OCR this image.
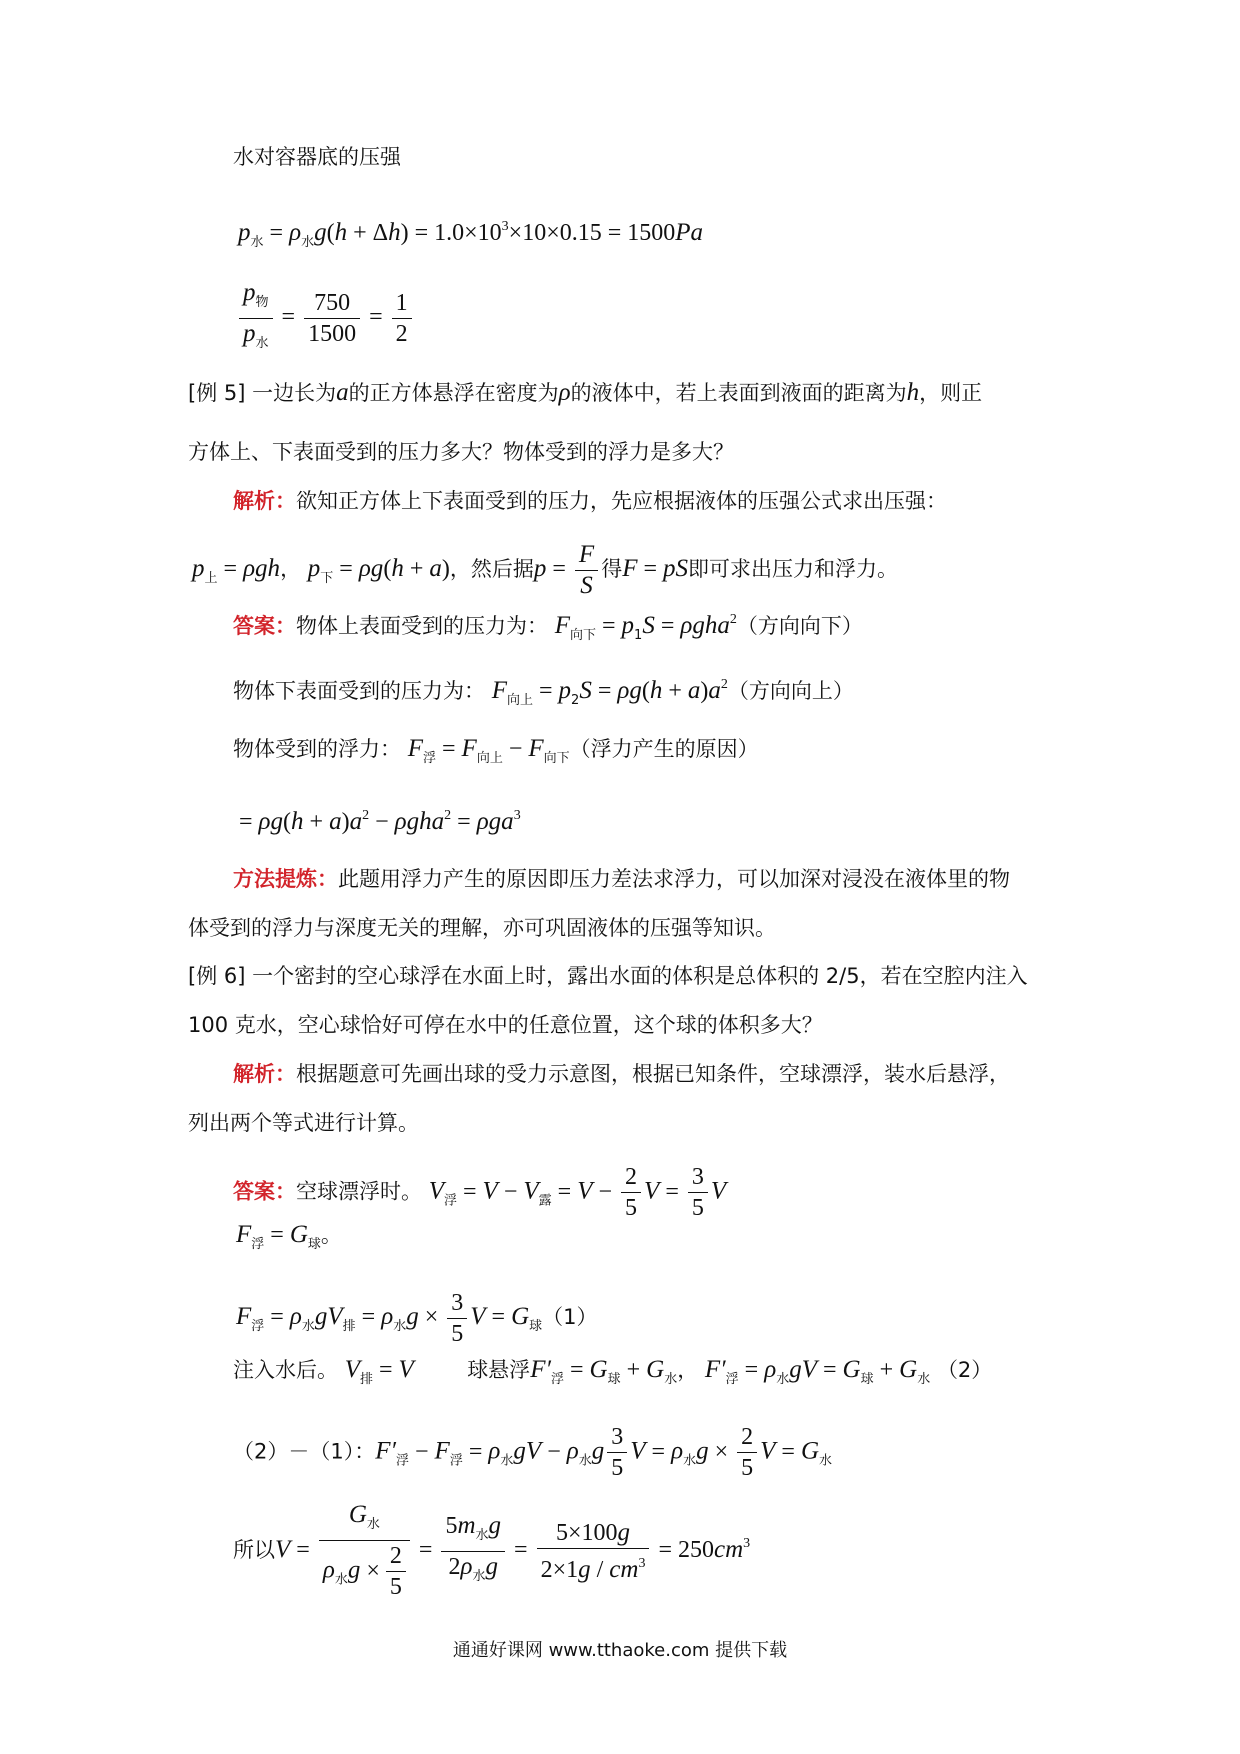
水对容器底的压强
$p_水 = \rho_水g(h + \Delta h) = 1.0\times 10^3\times 10\times 0.15 = 1500Pa$
$\frac{p_物}{p_水} = \frac{750}{1500} = \frac{1}{2}$
[例 5] 一边长为a的正方体悬浮在密度为ρ的液体中，若上表面到液面的距离为h，则正
方体上、下表面受到的压力多大？物体受到的浮力是多大？
解析：欲知正方体上下表面受到的压力，先应根据液体的压强公式求出压强：
$p_上 = \rho gh$， $p_下 = \rho g(h + a)$，然后据$p = \frac{F}{S}$ 得F = pS即可求出压力和浮力。
答案：物体上表面受到的压力为： $F_{向下} = p_1S = \rho gha^2$（方向向下）
物体下表面受到的压力为： $F_{向上} = p_2S = \rho g(h + a)a^2$（方向向上）
物体受到的浮力： $F_浮 = F_{向上} - F_{向下}$（浮力产生的原因）
= $\rho g(h + a)a^2 - \rho gha^2 = \rho ga^3$
方法提炼：此题用浮力产生的原因即压力差法求浮力，可以加深对浸没在液体里的物
体受到的浮力与深度无关的理解，亦可巩固液体的压强等知识。
[例 6] 一个密封的空心球浮在水面上时，露出水面的体积是总体积的 2/5，若在空腔内注入
100 克水，空心球恰好可停在水中的任意位置，这个球的体积多大？
解析：根据题意可先画出球的受力示意图，根据已知条件，空球漂浮，装水后悬浮，
列出两个等式进行计算。
答案：空球漂浮时。 $V_浮 = V - V_露 = V - \frac{2}{5}$ $V = \frac{3}{5}$ V
$F_浮 = G_球$。
$F_浮 = \rho_水gV_排 = \rho_水g \times \frac{3}{5}$ $V = G_球(1)$
注入水后。 $V_排 = V$	球悬浮$F'_浮 = G_球 + G_水$， $F'_浮 = \rho_水gV = G_球 + G_水$ （2）
（2）－（1）：$F'_浮 - F_浮 = \rho_水gV - \rho_水g \frac{3}{5}$ $V = \rho_水g \times \frac{2}{5}$ $V = G_水$
所以$V = \frac{G_水}{\rho_水g \times \frac{2}{5}} = \frac{5m_水g}{2\rho_水g} = \frac{5\times 100g}{2\times 1g / cm^3} = 250cm^3$
通通好课网 www.tthaoke.com 提供下载
